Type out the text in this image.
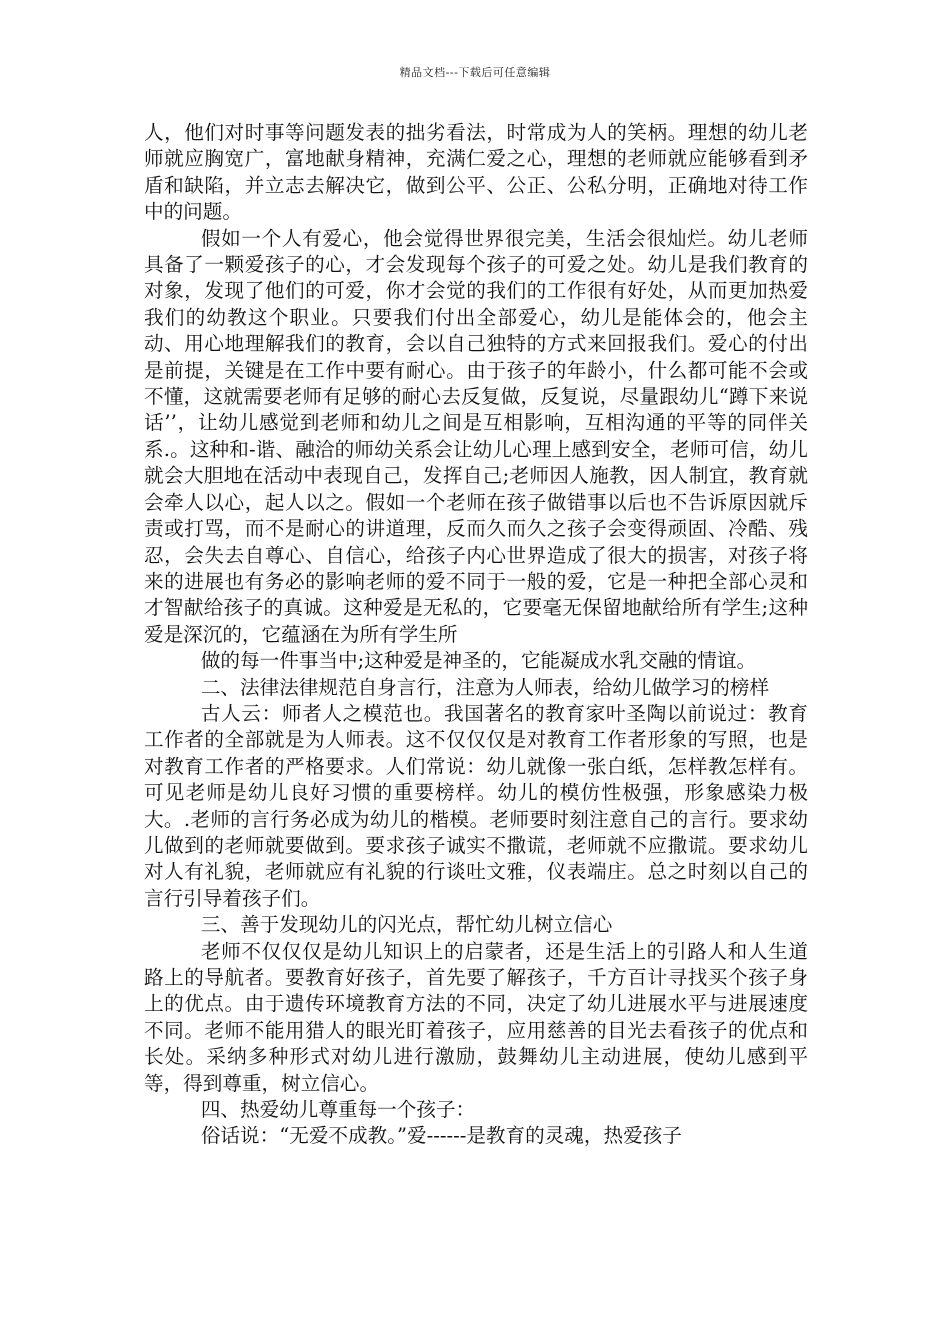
精品文档---下载后可任意编辑

人，他们对时事等问题发表的拙劣看法，时常成为人的笑柄。理想的幼儿老师就应胸宽广，富地献身精神，充满仁爱之心，理想的老师就应能够看到矛盾和缺陷，并立志去解决它，做到公平、公正、公私分明，正确地对待工作中的问题。

假如一个人有爱心，他会觉得世界很完美，生活会很灿烂。幼儿老师具备了一颗爱孩子的心，才会发现每个孩子的可爱之处。幼儿是我们教育的对象，发现了他们的可爱，你才会觉的我们的工作很有好处，从而更加热爱我们的幼教这个职业。只要我们付出全部爱心，幼儿是能体会的，他会主动、用心地理解我们的教育，会以自己独特的方式来回报我们。爱心的付出是前提，关键是在工作中要有耐心。由于孩子的年龄小，什么都可能不会或不懂，这就需要老师有足够的耐心去反复做，反复说，尽量跟幼儿“蹲下来说话’’，让幼儿感觉到老师和幼儿之间是互相影响，互相沟通的平等的同伴关系.。这种和-谐、融洽的师幼关系会让幼儿心理上感到安全，老师可信，幼儿就会大胆地在活动中表现自己，发挥自己;老师因人施教，因人制宜，教育就会牵人以心，起人以之。假如一个老师在孩子做错事以后也不告诉原因就斥责或打骂，而不是耐心的讲道理，反而久而久之孩子会变得顽固、冷酷、残忍，会失去自尊心、自信心，给孩子内心世界造成了很大的损害，对孩子将来的进展也有务必的影响老师的爱不同于一般的爱，它是一种把全部心灵和才智献给孩子的真诚。这种爱是无私的，它要毫无保留地献给所有学生;这种爱是深沉的，它蕴涵在为所有学生所

做的每一件事当中;这种爱是神圣的，它能凝成水乳交融的情谊。

二、法律法律规范自身言行，注意为人师表，给幼儿做学习的榜样

古人云：师者人之模范也。我国著名的教育家叶圣陶以前说过：教育工作者的全部就是为人师表。这不仅仅仅是对教育工作者形象的写照，也是对教育工作者的严格要求。人们常说：幼儿就像一张白纸，怎样教怎样有。可见老师是幼儿良好习惯的重要榜样。幼儿的模仿性极强，形象感染力极大。.老师的言行务必成为幼儿的楷模。老师要时刻注意自己的言行。要求幼儿做到的老师就要做到。要求孩子诚实不撒谎，老师就不应撒谎。要求幼儿对人有礼貌，老师就应有礼貌的行谈吐文雅，仪表端庄。总之时刻以自己的言行引导着孩子们。

三、善于发现幼儿的闪光点，帮忙幼儿树立信心

老师不仅仅仅是幼儿知识上的启蒙者，还是生活上的引路人和人生道路上的导航者。要教育好孩子，首先要了解孩子，千方百计寻找买个孩子身上的优点。由于遗传环境教育方法的不同，决定了幼儿进展水平与进展速度不同。老师不能用猎人的眼光盯着孩子，应用慈善的目光去看孩子的优点和长处。采纳多种形式对幼儿进行激励，鼓舞幼儿主动进展，使幼儿感到平等，得到尊重，树立信心。

四、热爱幼儿尊重每一个孩子：

俗话说：“无爱不成教。”爱------是教育的灵魂，热爱孩子
